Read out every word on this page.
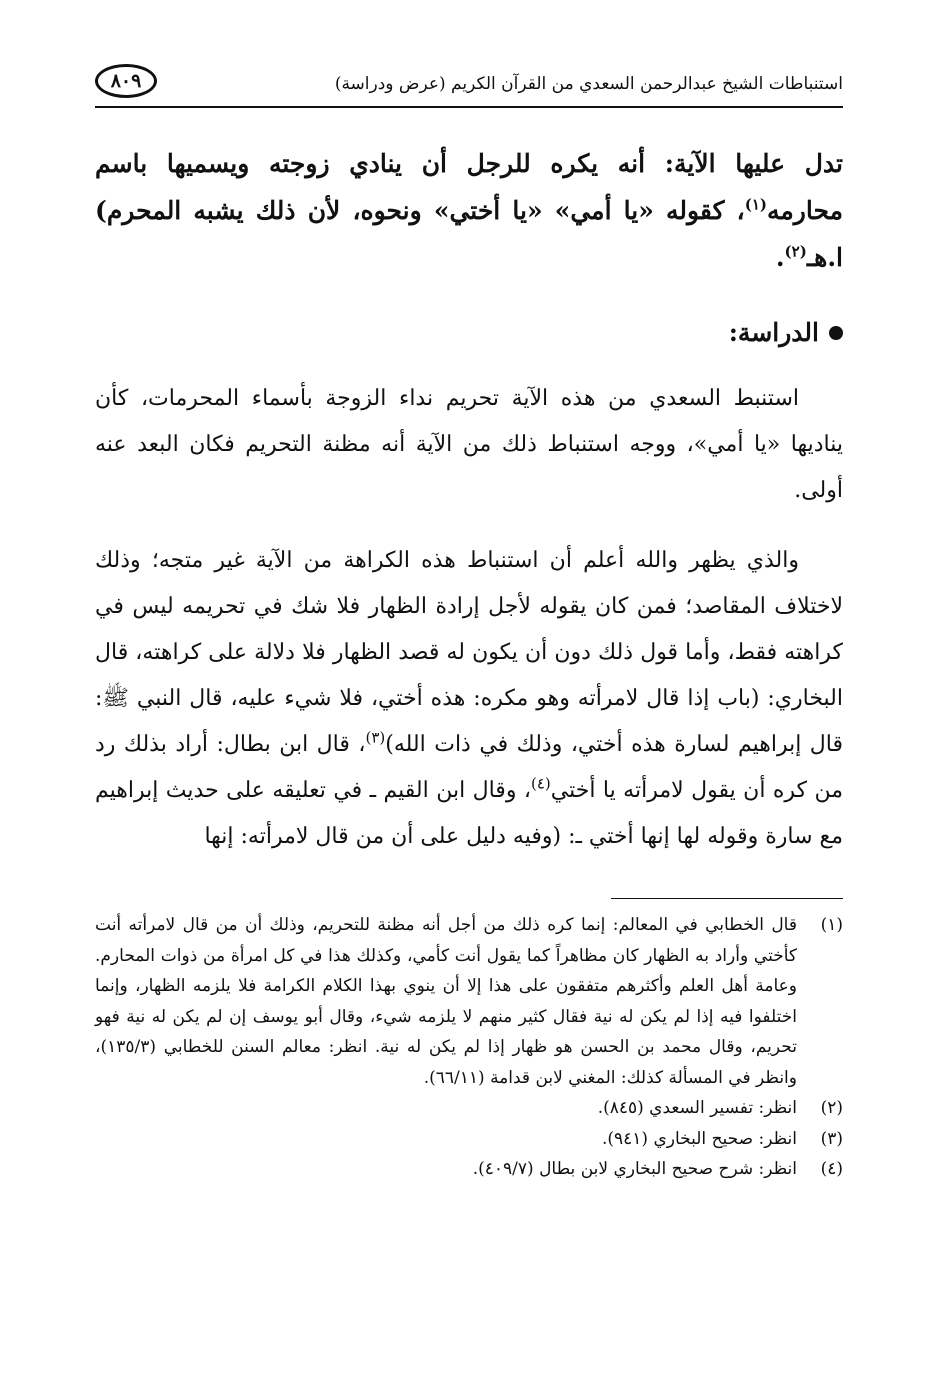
استنباطات الشيخ عبدالرحمن السعدي من القرآن الكريم (عرض ودراسة)
٨٠٩

تدل عليها الآية: أنه يكره للرجل أن ينادي زوجته ويسميها باسم محارمه$^{(١)}$، كقوله «يا أمي» «يا أختي» ونحوه، لأن ذلك يشبه المحرم) ا.هـ$^{(٢)}$.

الدراسة:

استنبط السعدي من هذه الآية تحريم نداء الزوجة بأسماء المحرمات، كأن يناديها «يا أمي»، ووجه استنباط ذلك من الآية أنه مظنة التحريم فكان البعد عنه أولى.

والذي يظهر والله أعلم أن استنباط هذه الكراهة من الآية غير متجه؛ وذلك لاختلاف المقاصد؛ فمن كان يقوله لأجل إرادة الظهار فلا شك في تحريمه ليس في كراهته فقط، وأما قول ذلك دون أن يكون له قصد الظهار فلا دلالة على كراهته، قال البخاري: (باب إذا قال لامرأته وهو مكره: هذه أختي، فلا شيء عليه، قال النبي ﷺ: قال إبراهيم لسارة هذه أختي، وذلك في ذات الله)$^{(٣)}$، قال ابن بطال: أراد بذلك رد من كره أن يقول لامرأته يا أختي$^{(٤)}$، وقال ابن القيم ـ في تعليقه على حديث إبراهيم مع سارة وقوله لها إنها أختي ـ: (وفيه دليل على أن من قال لامرأته: إنها

(١)
قال الخطابي في المعالم: إنما كره ذلك من أجل أنه مظنة للتحريم، وذلك أن من قال لامرأته أنت كأختي وأراد به الظهار كان مظاهراً كما يقول أنت كأمي، وكذلك هذا في كل امرأة من ذوات المحارم. وعامة أهل العلم وأكثرهم متفقون على هذا إلا أن ينوي بهذا الكلام الكرامة فلا يلزمه الظهار، وإنما اختلفوا فيه إذا لم يكن له نية فقال كثير منهم لا يلزمه شيء، وقال أبو يوسف إن لم يكن له نية فهو تحريم، وقال محمد بن الحسن هو ظهار إذا لم يكن له نية. انظر: معالم السنن للخطابي (١٣٥/٣)، وانظر في المسألة كذلك: المغني لابن قدامة (٦٦/١١).
(٢)
انظر: تفسير السعدي (٨٤٥).
(٣)
انظر: صحيح البخاري (٩٤١).
(٤)
انظر: شرح صحيح البخاري لابن بطال (٤٠٩/٧).
